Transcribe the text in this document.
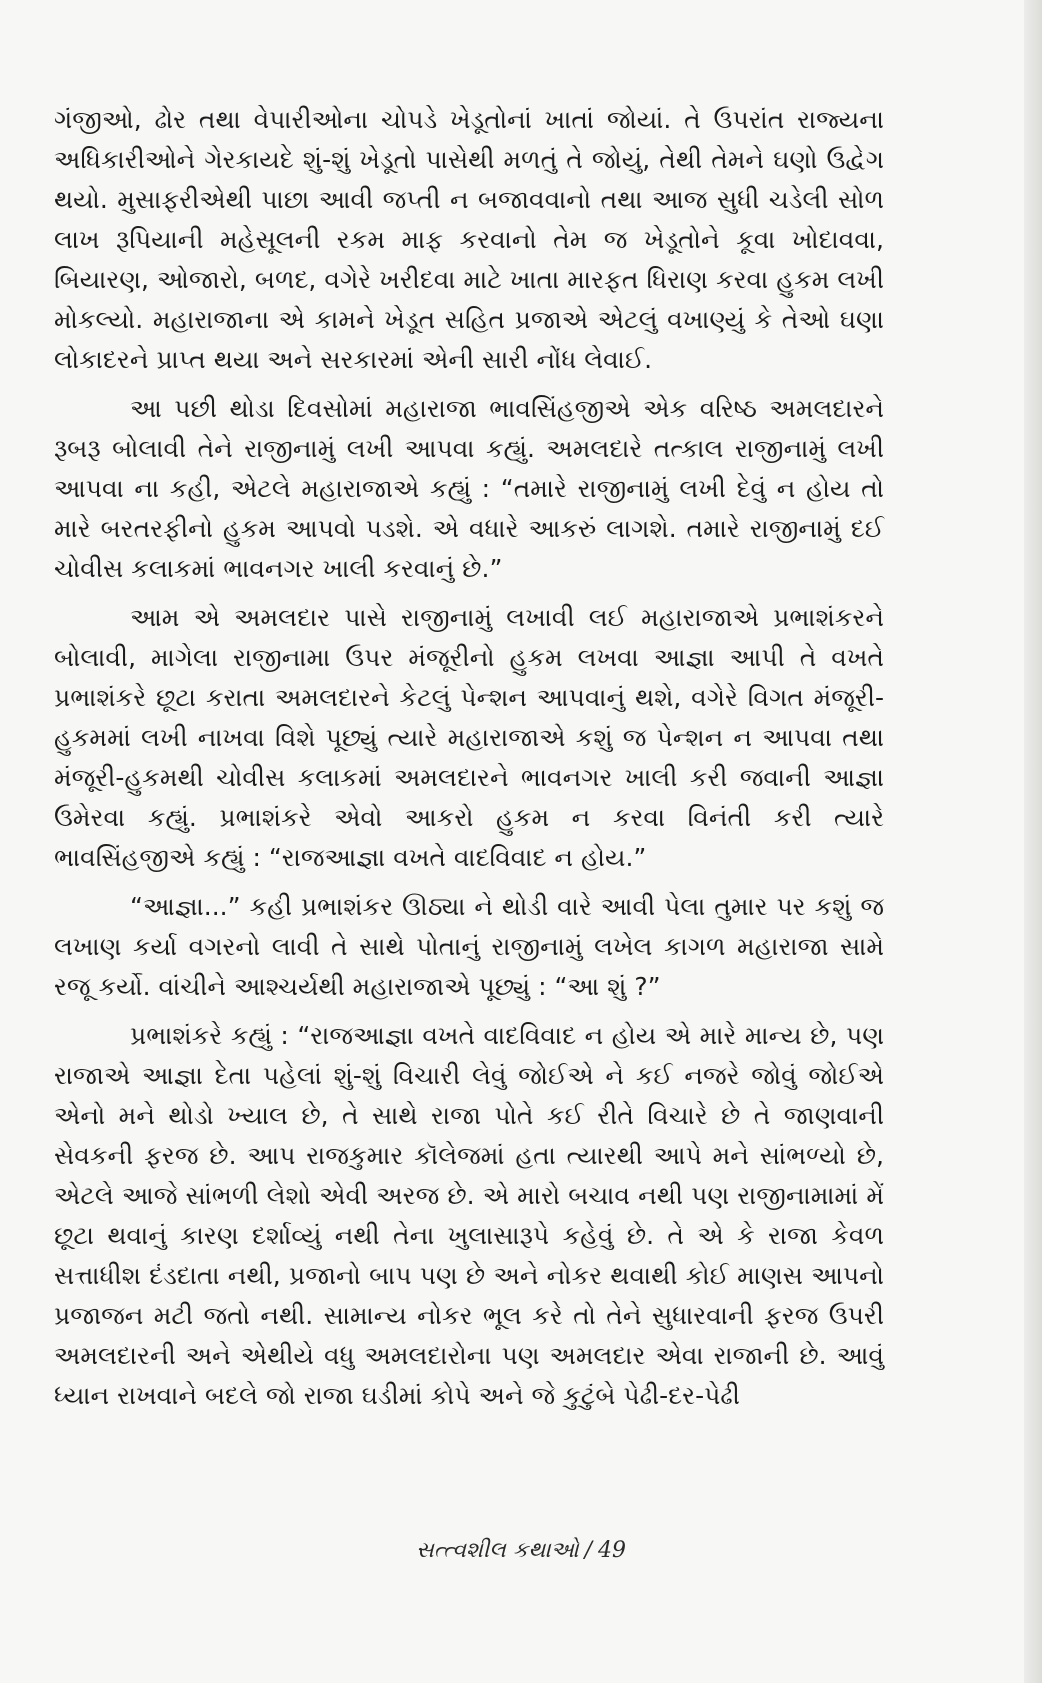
ગંજીઓ, ઢોર તથા વેપારીઓના ચોપડે ખેડૂતોનાં ખાતાં જોયાં. તે ઉપરાંત રાજ્યના અધિકારીઓને ગેરકાયદે શું-શું ખેડૂતો પાસેથી મળતું તે જોયું, તેથી તેમને ઘણો ઉદ્વેગ થયો. મુસાફરીએથી પાછા આવી જપ્તી ન બજાવવાનો તથા આજ સુધી ચડેલી સોળ લાખ રૂપિયાની મહેસૂલની રકમ માફ કરવાનો તેમ જ ખેડૂતોને કૂવા ખોદાવવા, બિયારણ, ઓજારો, બળદ, વગેરે ખરીદવા માટે ખાતા મારફત ધિરાણ કરવા હુકમ લખી મોકલ્યો. મહારાજાના એ કામને ખેડૂત સહિત પ્રજાએ એટલું વખાણ્યું કે તેઓ ઘણા લોકાદરને પ્રાપ્ત થયા અને સરકારમાં એની સારી નોંધ લેવાઈ.

આ પછી થોડા દિવસોમાં મહારાજા ભાવસિંહજીએ એક વરિષ્ઠ અમલદારને રૂબરૂ બોલાવી તેને રાજીનામું લખી આપવા કહ્યું. અમલદારે તત્કાલ રાજીનામું લખી આપવા ના કહી, એટલે મહારાજાએ કહ્યું : “તમારે રાજીનામું લખી દેવું ન હોય તો મારે બરતરફીનો હુકમ આપવો પડશે. એ વધારે આકરું લાગશે. તમારે રાજીનામું દઈ ચોવીસ કલાકમાં ભાવનગર ખાલી કરવાનું છે.”

આમ એ અમલદાર પાસે રાજીનામું લખાવી લઈ મહારાજાએ પ્રભાશંકરને બોલાવી, માગેલા રાજીનામા ઉપર મંજૂરીનો હુકમ લખવા આજ્ઞા આપી તે વખતે પ્રભાશંકરે છૂટા કરાતા અમલદારને કેટલું પેન્શન આપવાનું થશે, વગેરે વિગત મંજૂરી-હુકમમાં લખી નાખવા વિશે પૂછ્યું ત્યારે મહારાજાએ કશું જ પેન્શન ન આપવા તથા મંજૂરી-હુકમથી ચોવીસ કલાકમાં અમલદારને ભાવનગર ખાલી કરી જવાની આજ્ઞા ઉમેરવા કહ્યું. પ્રભાશંકરે એવો આકરો હુકમ ન કરવા વિનંતી કરી ત્યારે ભાવસિંહજીએ કહ્યું : “રાજઆજ્ઞા વખતે વાદવિવાદ ન હોય.”

“આજ્ઞા...” કહી પ્રભાશંકર ઊઠ્યા ને થોડી વારે આવી પેલા તુમાર પર કશું જ લખાણ કર્યા વગરનો લાવી તે સાથે પોતાનું રાજીનામું લખેલ કાગળ મહારાજા સામે રજૂ કર્યો. વાંચીને આશ્ચર્યથી મહારાજાએ પૂછ્યું : “આ શું ?”

પ્રભાશંકરે કહ્યું : “રાજઆજ્ઞા વખતે વાદવિવાદ ન હોય એ મારે માન્ય છે, પણ રાજાએ આજ્ઞા દેતા પહેલાં શું-શું વિચારી લેવું જોઈએ ને કઈ નજરે જોવું જોઈએ એનો મને થોડો ખ્યાલ છે, તે સાથે રાજા પોતે કઈ રીતે વિચારે છે તે જાણવાની સેવકની ફરજ છે. આપ રાજકુમાર કૉલેજમાં હતા ત્યારથી આપે મને સાંભળ્યો છે, એટલે આજે સાંભળી લેશો એવી અરજ છે. એ મારો બચાવ નથી પણ રાજીનામામાં મેં છૂટા થવાનું કારણ દર્શાવ્યું નથી તેના ખુલાસારૂપે કહેવું છે. તે એ કે રાજા કેવળ સત્તાધીશ દંડદાતા નથી, પ્રજાનો બાપ પણ છે અને નોકર થવાથી કોઈ માણસ આપનો પ્રજાજન મટી જતો નથી. સામાન્ય નોકર ભૂલ કરે તો તેને સુધારવાની ફરજ ઉપરી અમલદારની અને એથીયે વધુ અમલદારોના પણ અમલદાર એવા રાજાની છે. આવું ધ્યાન રાખવાને બદલે જો રાજા ઘડીમાં કોપે અને જે કુટુંબે પેઢી-દર-પેઢી

સત્ત્વશીલ કથાઓ / 49
